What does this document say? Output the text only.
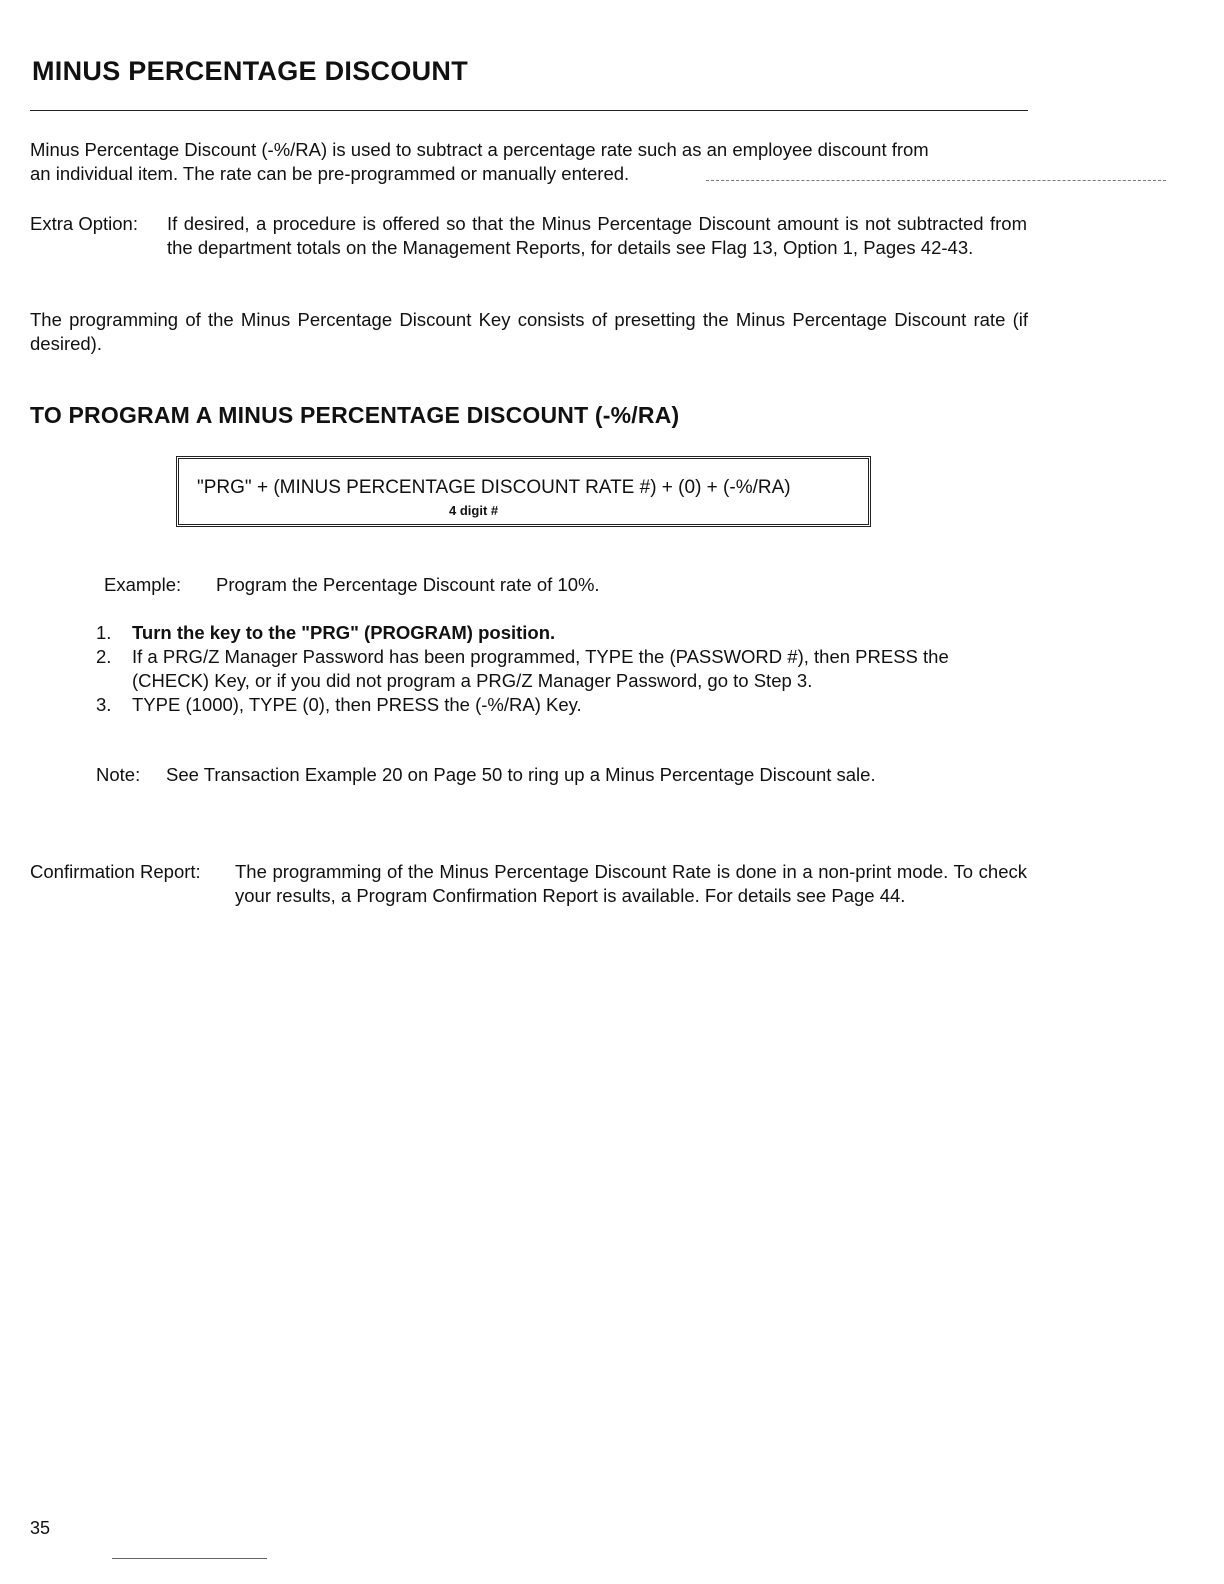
MINUS PERCENTAGE DISCOUNT

Minus Percentage Discount (-%/RA) is used to subtract a percentage rate such as an employee discount from
an individual item. The rate can be pre-programmed or manually entered.

Extra Option: If desired, a procedure is offered so that the Minus Percentage Discount amount is not subtracted from the department totals on the Management Reports, for details see Flag 13, Option 1, Pages 42-43.

The programming of the Minus Percentage Discount Key consists of presetting the Minus Percentage Discount rate (if desired).

TO PROGRAM A MINUS PERCENTAGE DISCOUNT (-%/RA)
"PRG" + (MINUS PERCENTAGE DISCOUNT RATE #) + (0) + (-%/RA)
4 digit #
Example: Program the Percentage Discount rate of 10%.
1. Turn the key to the "PRG" (PROGRAM) position.
2. If a PRG/Z Manager Password has been programmed, TYPE the (PASSWORD #), then PRESS the (CHECK) Key, or if you did not program a PRG/Z Manager Password, go to Step 3.
3. TYPE (1000), TYPE (0), then PRESS the (-%/RA) Key.
Note: See Transaction Example 20 on Page 50 to ring up a Minus Percentage Discount sale.
Confirmation Report: The programming of the Minus Percentage Discount Rate is done in a non-print mode. To check your results, a Program Confirmation Report is available. For details see Page 44.
35
